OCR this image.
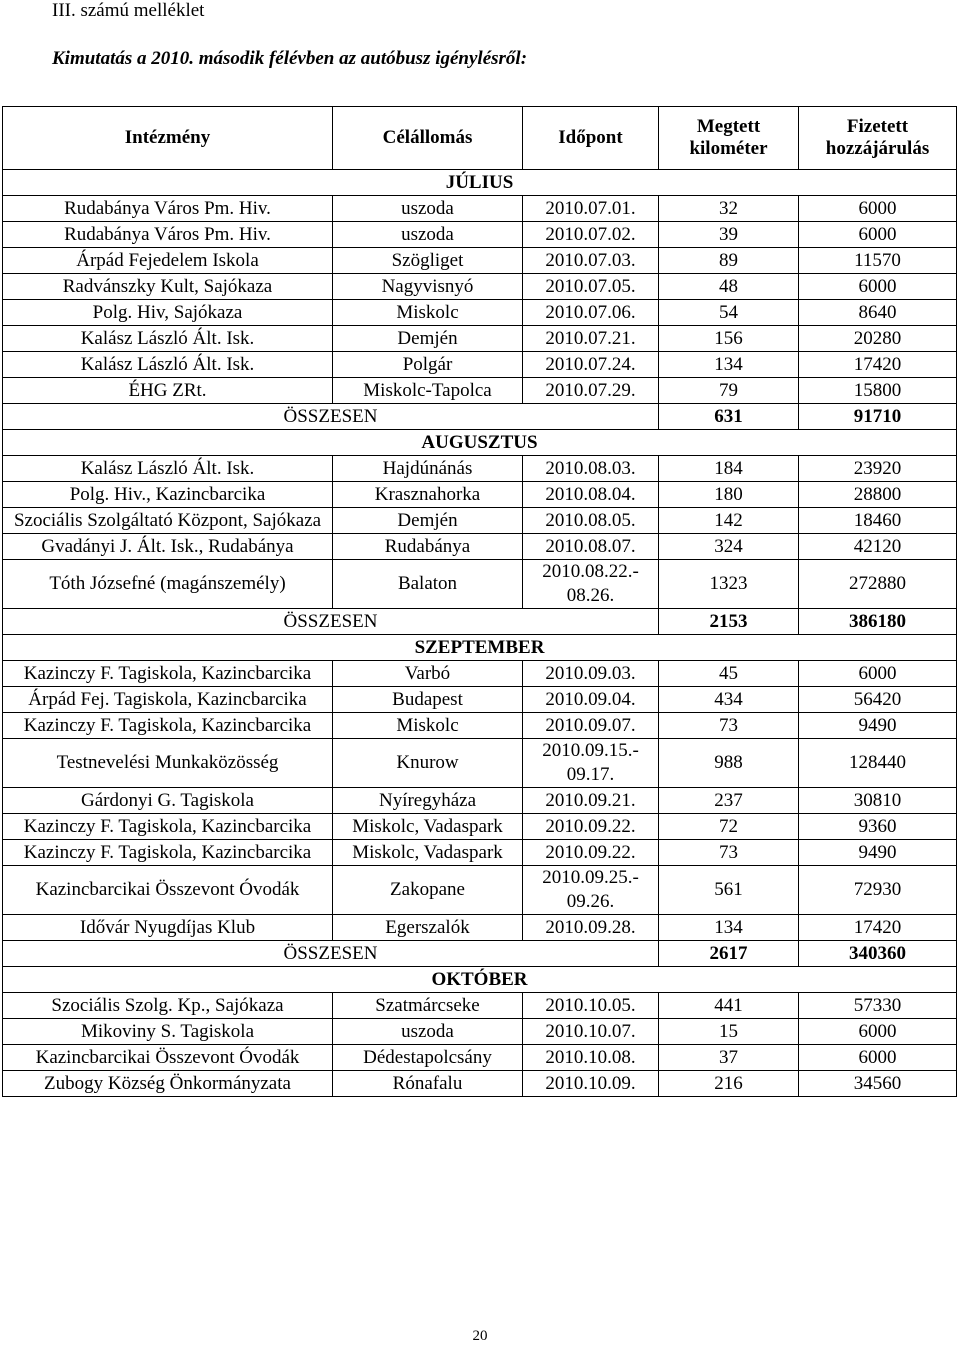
III. számú melléklet
Kimutatás a 2010. második félévben az autóbusz igénylésről:
Intézmény	Célállomás	Időpont	Megtett kilométer	Fizetett hozzájárulás
JÚLIUS				
Rudabánya Város Pm. Hiv.	uszoda	2010.07.01.	32	6000
Rudabánya Város Pm. Hiv.	uszoda	2010.07.02.	39	6000
Árpád Fejedelem Iskola	Szögliget	2010.07.03.	89	11570
Radvánszky Kult, Sajókaza	Nagyvisnyó	2010.07.05.	48	6000
Polg. Hiv, Sajókaza	Miskolc	2010.07.06.	54	8640
Kalász László Ált. Isk.	Demjén	2010.07.21.	156	20280
Kalász László Ált. Isk.	Polgár	2010.07.24.	134	17420
ÉHG ZRt.	Miskolc-Tapolca	2010.07.29.	79	15800
ÖSSZESEN			631	91710
AUGUSZTUS				
Kalász László Ált. Isk.	Hajdúnánás	2010.08.03.	184	23920
Polg. Hiv., Kazincbarcika	Krasznahorka	2010.08.04.	180	28800
Szociális Szolgáltató Központ, Sajókaza	Demjén	2010.08.05.	142	18460
Gvadányi J. Ált. Isk., Rudabánya	Rudabánya	2010.08.07.	324	42120
Tóth Józsefné (magánszemély)	Balaton	2010.08.22.- 08.26.	1323	272880
ÖSSZESEN			2153	386180
SZEPTEMBER				
Kazinczy F. Tagiskola, Kazincbarcika	Varbó	2010.09.03.	45	6000
Árpád Fej. Tagiskola, Kazincbarcika	Budapest	2010.09.04.	434	56420
Kazinczy F. Tagiskola, Kazincbarcika	Miskolc	2010.09.07.	73	9490
Testnevelési Munkaközösség	Knurow	2010.09.15.- 09.17.	988	128440
Gárdonyi G. Tagiskola	Nyíregyháza	2010.09.21.	237	30810
Kazinczy F. Tagiskola, Kazincbarcika	Miskolc, Vadaspark	2010.09.22.	72	9360
Kazinczy F. Tagiskola, Kazincbarcika	Miskolc, Vadaspark	2010.09.22.	73	9490
Kazincbarcikai Összevont Óvodák	Zakopane	2010.09.25.- 09.26.	561	72930
Idővár Nyugdíjas Klub	Egerszalók	2010.09.28.	134	17420
ÖSSZESEN			2617	340360
OKTÓBER				
Szociális Szolg. Kp., Sajókaza	Szatmárcseke	2010.10.05.	441	57330
Mikoviny S. Tagiskola	uszoda	2010.10.07.	15	6000
Kazincbarcikai Összevont Óvodák	Dédestapolcsány	2010.10.08.	37	6000
Zubogy Község Önkormányzata	Rónafalu	2010.10.09.	216	34560
20
